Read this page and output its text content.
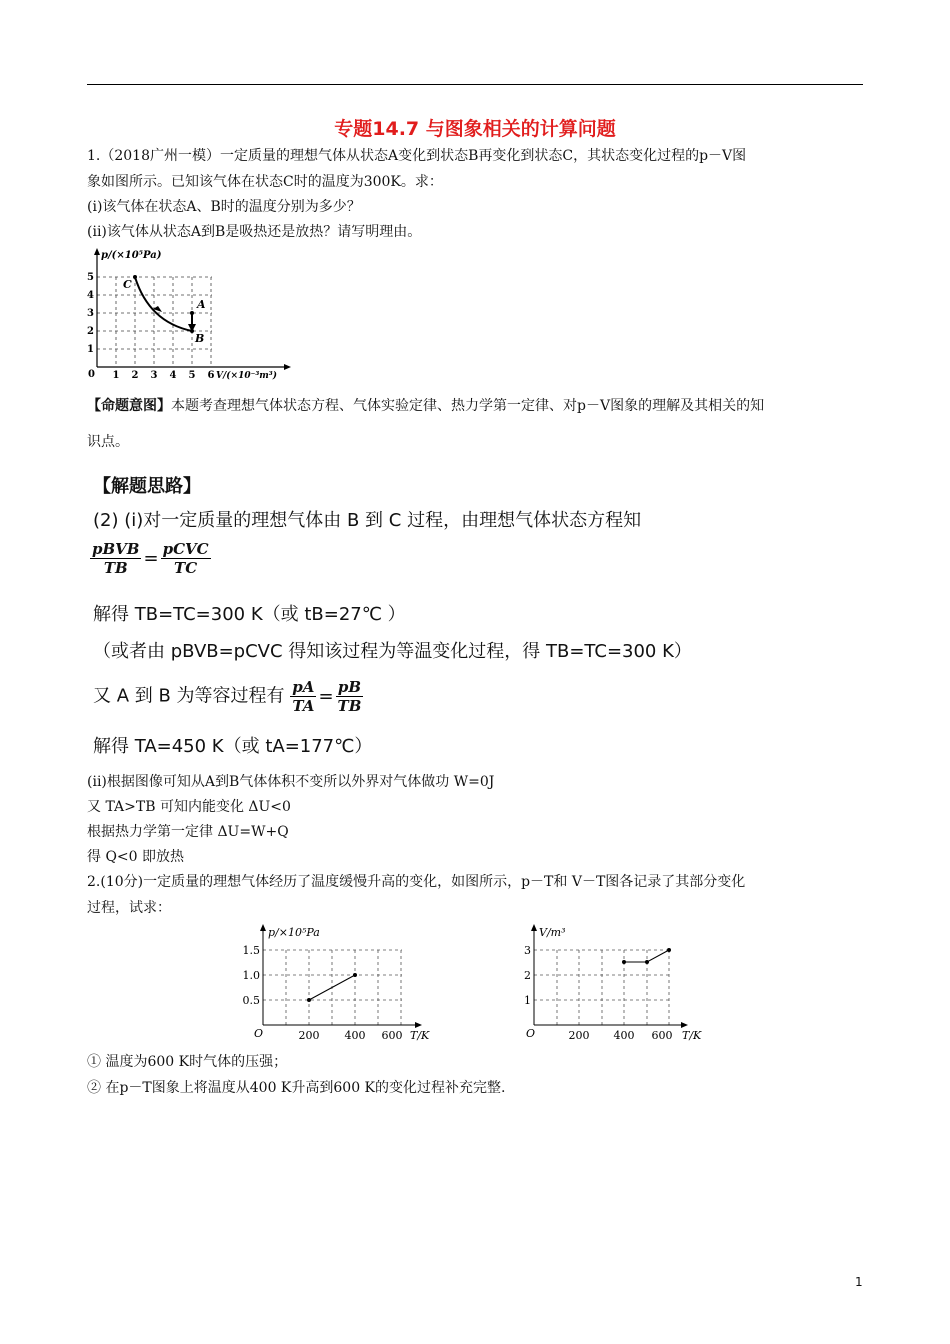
专题14.7 与图象相关的计算问题
1.（2018广州一模）一定质量的理想气体从状态A变化到状态B再变化到状态C，其状态变化过程的p－V图
象如图所示。已知该气体在状态C时的温度为300K。求：
(i)该气体在状态A、B时的温度分别为多少？
(ii)该气体从状态A到B是吸热还是放热？请写明理由。
p/(×10⁵Pa)
V/(×10⁻³m³)
0 1 2 3 4 5 6
1
2
3
4
5
C
A
B
【命题意图】本题考查理想气体状态方程、气体实验定律、热力学第一定律、对p－V图象的理解及其相关的知
识点。
【解题思路】
(2) (i)对一定质量的理想气体由 B 到 C 过程，由理想气体状态方程知
$\frac{\text{pBVB}}{TB} = \frac{\text{pCVC}}{TC}$
解得 TB=TC=300 K（或 tB=27℃ ）
（或者由 pBVB=pCVC 得知该过程为等温变化过程，得 TB=TC=300 K）
又 A 到 B 为等容过程有 $\frac{pA}{TA} = \frac{pB}{TB}$
解得 TA=450 K（或 tA=177℃）
(ii)根据图像可知从A到B气体体积不变所以外界对气体做功 W=0J
又 TA>TB 可知内能变化 ΔU<0
根据热力学第一定律 ΔU=W+Q
得 Q<0 即放热
2.(10分)一定质量的理想气体经历了温度缓慢升高的变化，如图所示，p－T和 V－T图各记录了其部分变化
过程，试求：
p/×10⁵Pa
T/K
O	200 400 600
0.5
1.0
1.5
V/m³
T/K
O	200 400 600
1
2
3
① 温度为600 K时气体的压强；
② 在p－T图象上将温度从400 K升高到600 K的变化过程补充完整.
1
